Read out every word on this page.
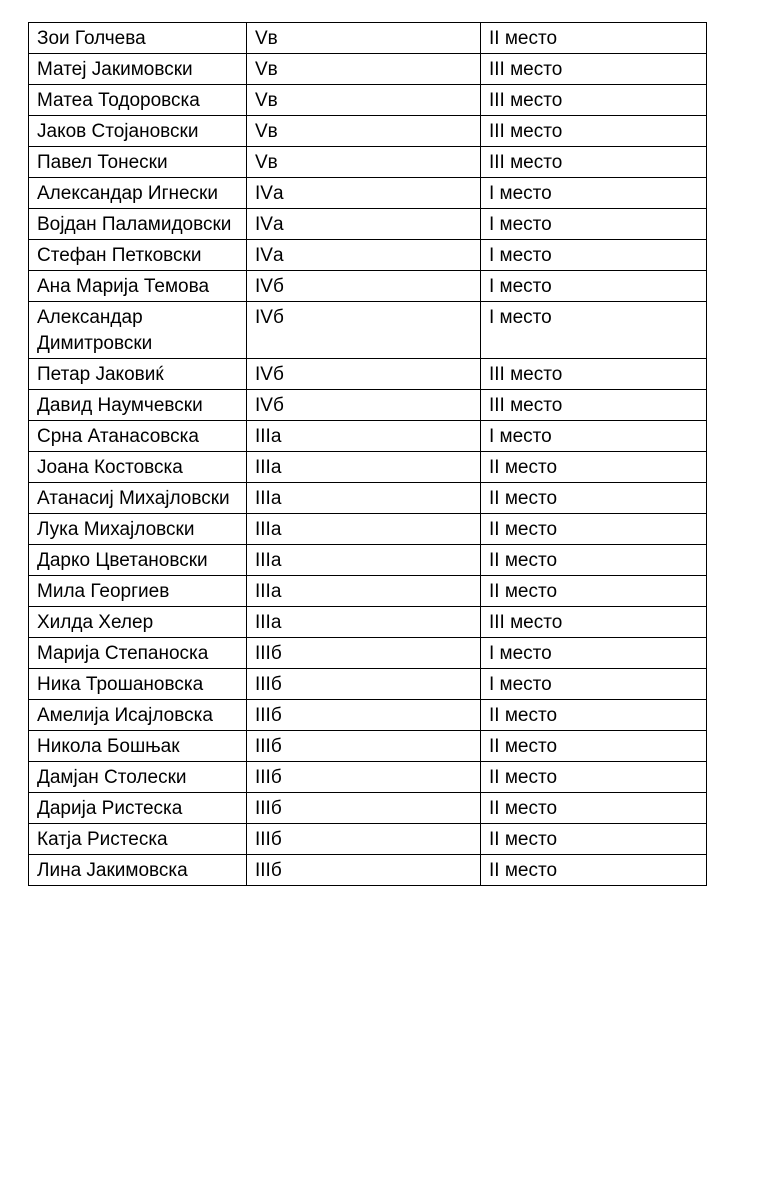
Зои Голчева	Vв	II место
Матеј Јакимовски	Vв	III место
Матеа Тодоровска	Vв	III место
Јаков Стојановски	Vв	III место
Павел Тонески	Vв	III место
Александар Игнески	IVа	I место
Војдан Паламидовски	IVа	I место
Стефан Петковски	IVа	I место
Ана Марија Темова	IVб	I место
Александар Димитровски	IVб	I место
Петар Јаковиќ	IVб	III место
Давид Наумчевски	IVб	III место
Срна Атанасовска	IIIа	I место
Јоана Костовска	IIIа	II место
Атанасиј Михајловски	IIIа	II место
Лука Михајловски	IIIа	II место
Дарко Цветановски	IIIа	II место
Мила Георгиев	IIIа	II место
Хилда Хелер	IIIа	III место
Марија Степаноска	IIIб	I место
Ника Трошановска	IIIб	I место
Амелија Исајловска	IIIб	II место
Никола Бошњак	IIIб	II место
Дамјан Столески	IIIб	II место
Дарија Ристеска	IIIб	II место
Катја Ристеска	IIIб	II место
Лина Јакимовска	IIIб	II место
